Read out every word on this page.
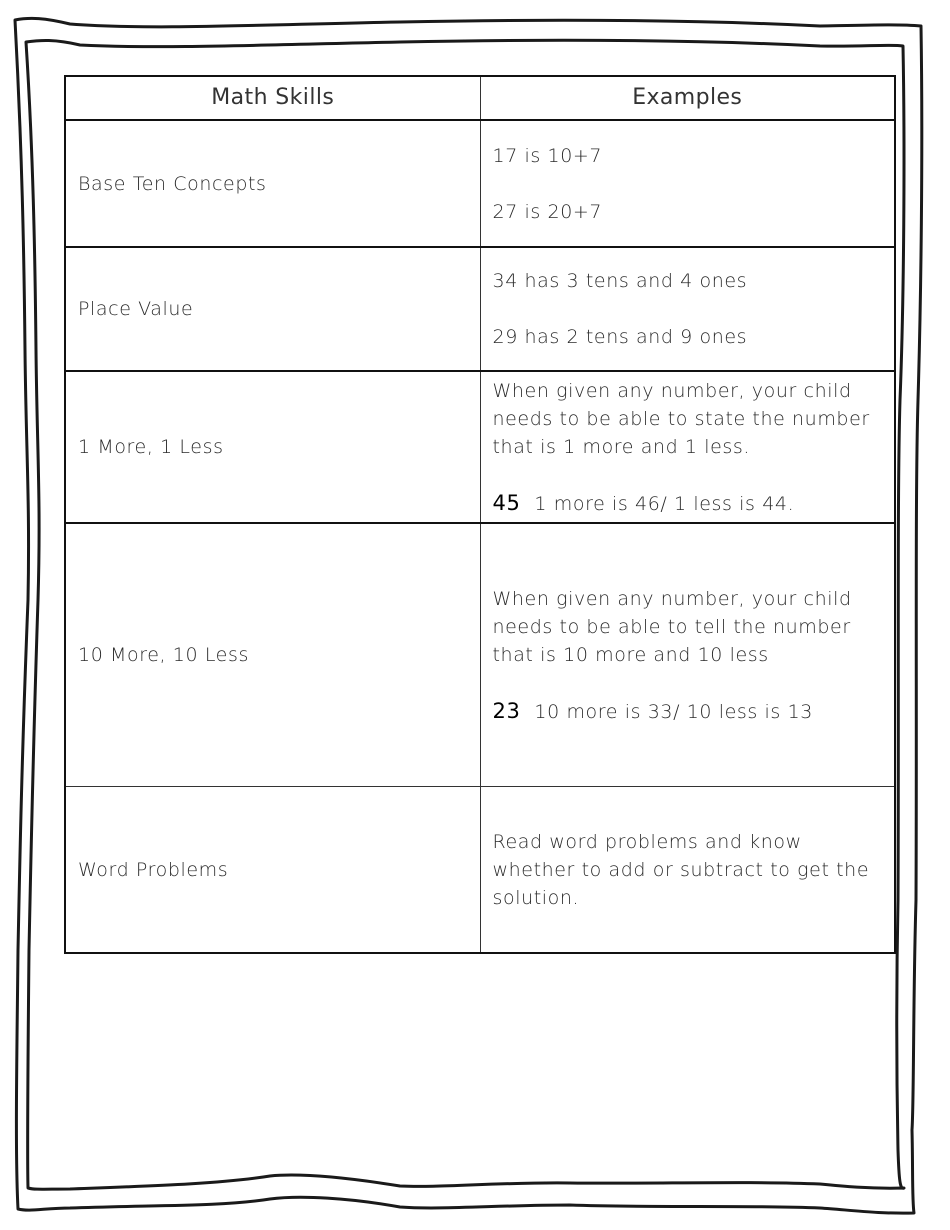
Math Skills	Examples

Base Ten Concepts	17 is 10+7
27 is 20+7

Place Value	34 has 3 tens and 4 ones
29 has 2 tens and 9 ones

1 More, 1 Less	When given any number, your child needs to be able to state the number that is 1 more and 1 less.
45 1 more is 46/ 1 less is 44.

10 More, 10 Less	When given any number, your child needs to be able to tell the number that is 10 more and 10 less
23 10 more is 33/ 10 less is 13

Word Problems	Read word problems and know whether to add or subtract to get the solution.
